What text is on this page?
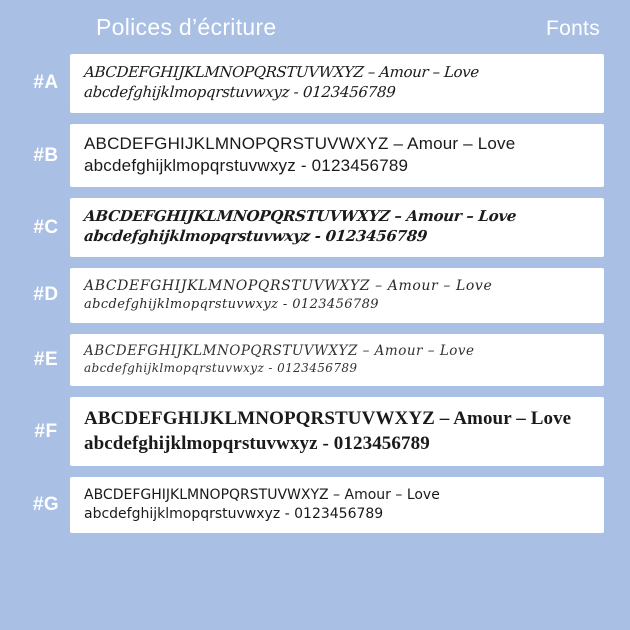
Polices d’écriture	Fonts
#A
ABCDEFGHIJKLMNOPQRSTUVWXYZ – Amour – Love
abcdefghijklmopqrstuvwxyz - 0123456789
#B
ABCDEFGHIJKLMNOPQRSTUVWXYZ – Amour – Love
abcdefghijklmopqrstuvwxyz - 0123456789
#C
ABCDEFGHIJKLMNOPQRSTUVWXYZ – Amour – Love
abcdefghijklmopqrstuvwxyz - 0123456789
#D	ABCDEFGHIJKLMNOPQRSTUVWXYZ – Amour – Love
abcdefghijklmopqrstuvwxyz - 0123456789
#E	ABCDEFGHIJKLMNOPQRSTUVWXYZ – Amour – Love
abcdefghijklmopqrstuvwxyz - 0123456789
#F
ABCDEFGHIJKLMNOPQRSTUVWXYZ – Amour – Love
abcdefghijklmopqrstuvwxyz - 0123456789
#G	ABCDEFGHIJKLMNOPQRSTUVWXYZ – Amour – Love
abcdefghijklmopqrstuvwxyz - 0123456789
